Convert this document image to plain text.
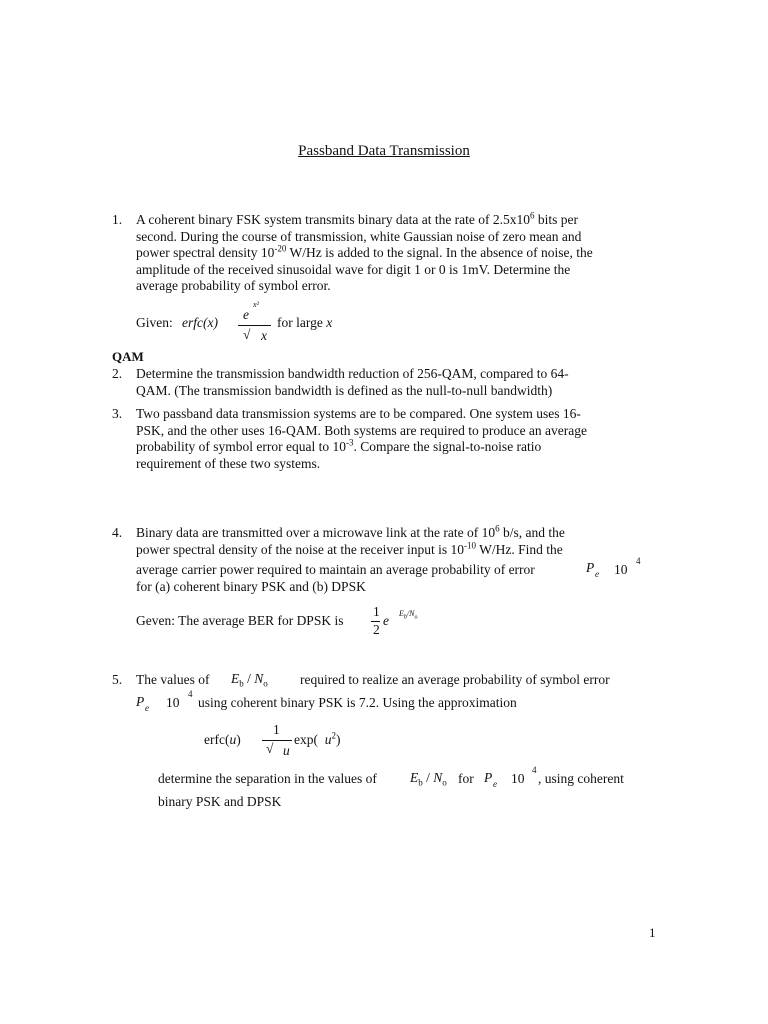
Passband Data Transmission
1. A coherent binary FSK system transmits binary data at the rate of $2.5x10^6$ bits per
second. During the course of transmission, white Gaussian noise of zero mean and
power spectral density $10^{-20}$ W/Hz is added to the signal. In the absence of noise, the
amplitude of the received sinusoidal wave for digit 1 or 0 is 1mV. Determine the
average probability of symbol error.
Given: erfc(x)
e
x²
√ x
for large x
QAM
2. Determine the transmission bandwidth reduction of 256-QAM, compared to 64-
QAM. (The transmission bandwidth is defined as the null-to-null bandwidth)
3. Two passband data transmission systems are to be compared. One system uses 16-
PSK, and the other uses 16-QAM. Both systems are required to produce an average
probability of symbol error equal to $10^{-3}$. Compare the signal-to-noise ratio
requirement of these two systems.
4. Binary data are transmitted over a microwave link at the rate of $10^6$ b/s, and the
power spectral density of the noise at the receiver input is $10^{-10}$ W/Hz. Find the
average carrier power required to maintain an average probability of error	P e 10
4
for (a) coherent binary PSK and (b) DPSK
Geven: The average BER for DPSK is
1
2
e $E_b/N_o$
5. The values of $E_b / N_o$ required to realize an average probability of symbol error
P e 10
4
using coherent binary PSK is 7.2. Using the approximation
erfc(u)
1
√ u
exp( $u^2$)
determine the separation in the values of $E_b / N_o$ for P e 10
4
, using coherent
binary PSK and DPSK
1
